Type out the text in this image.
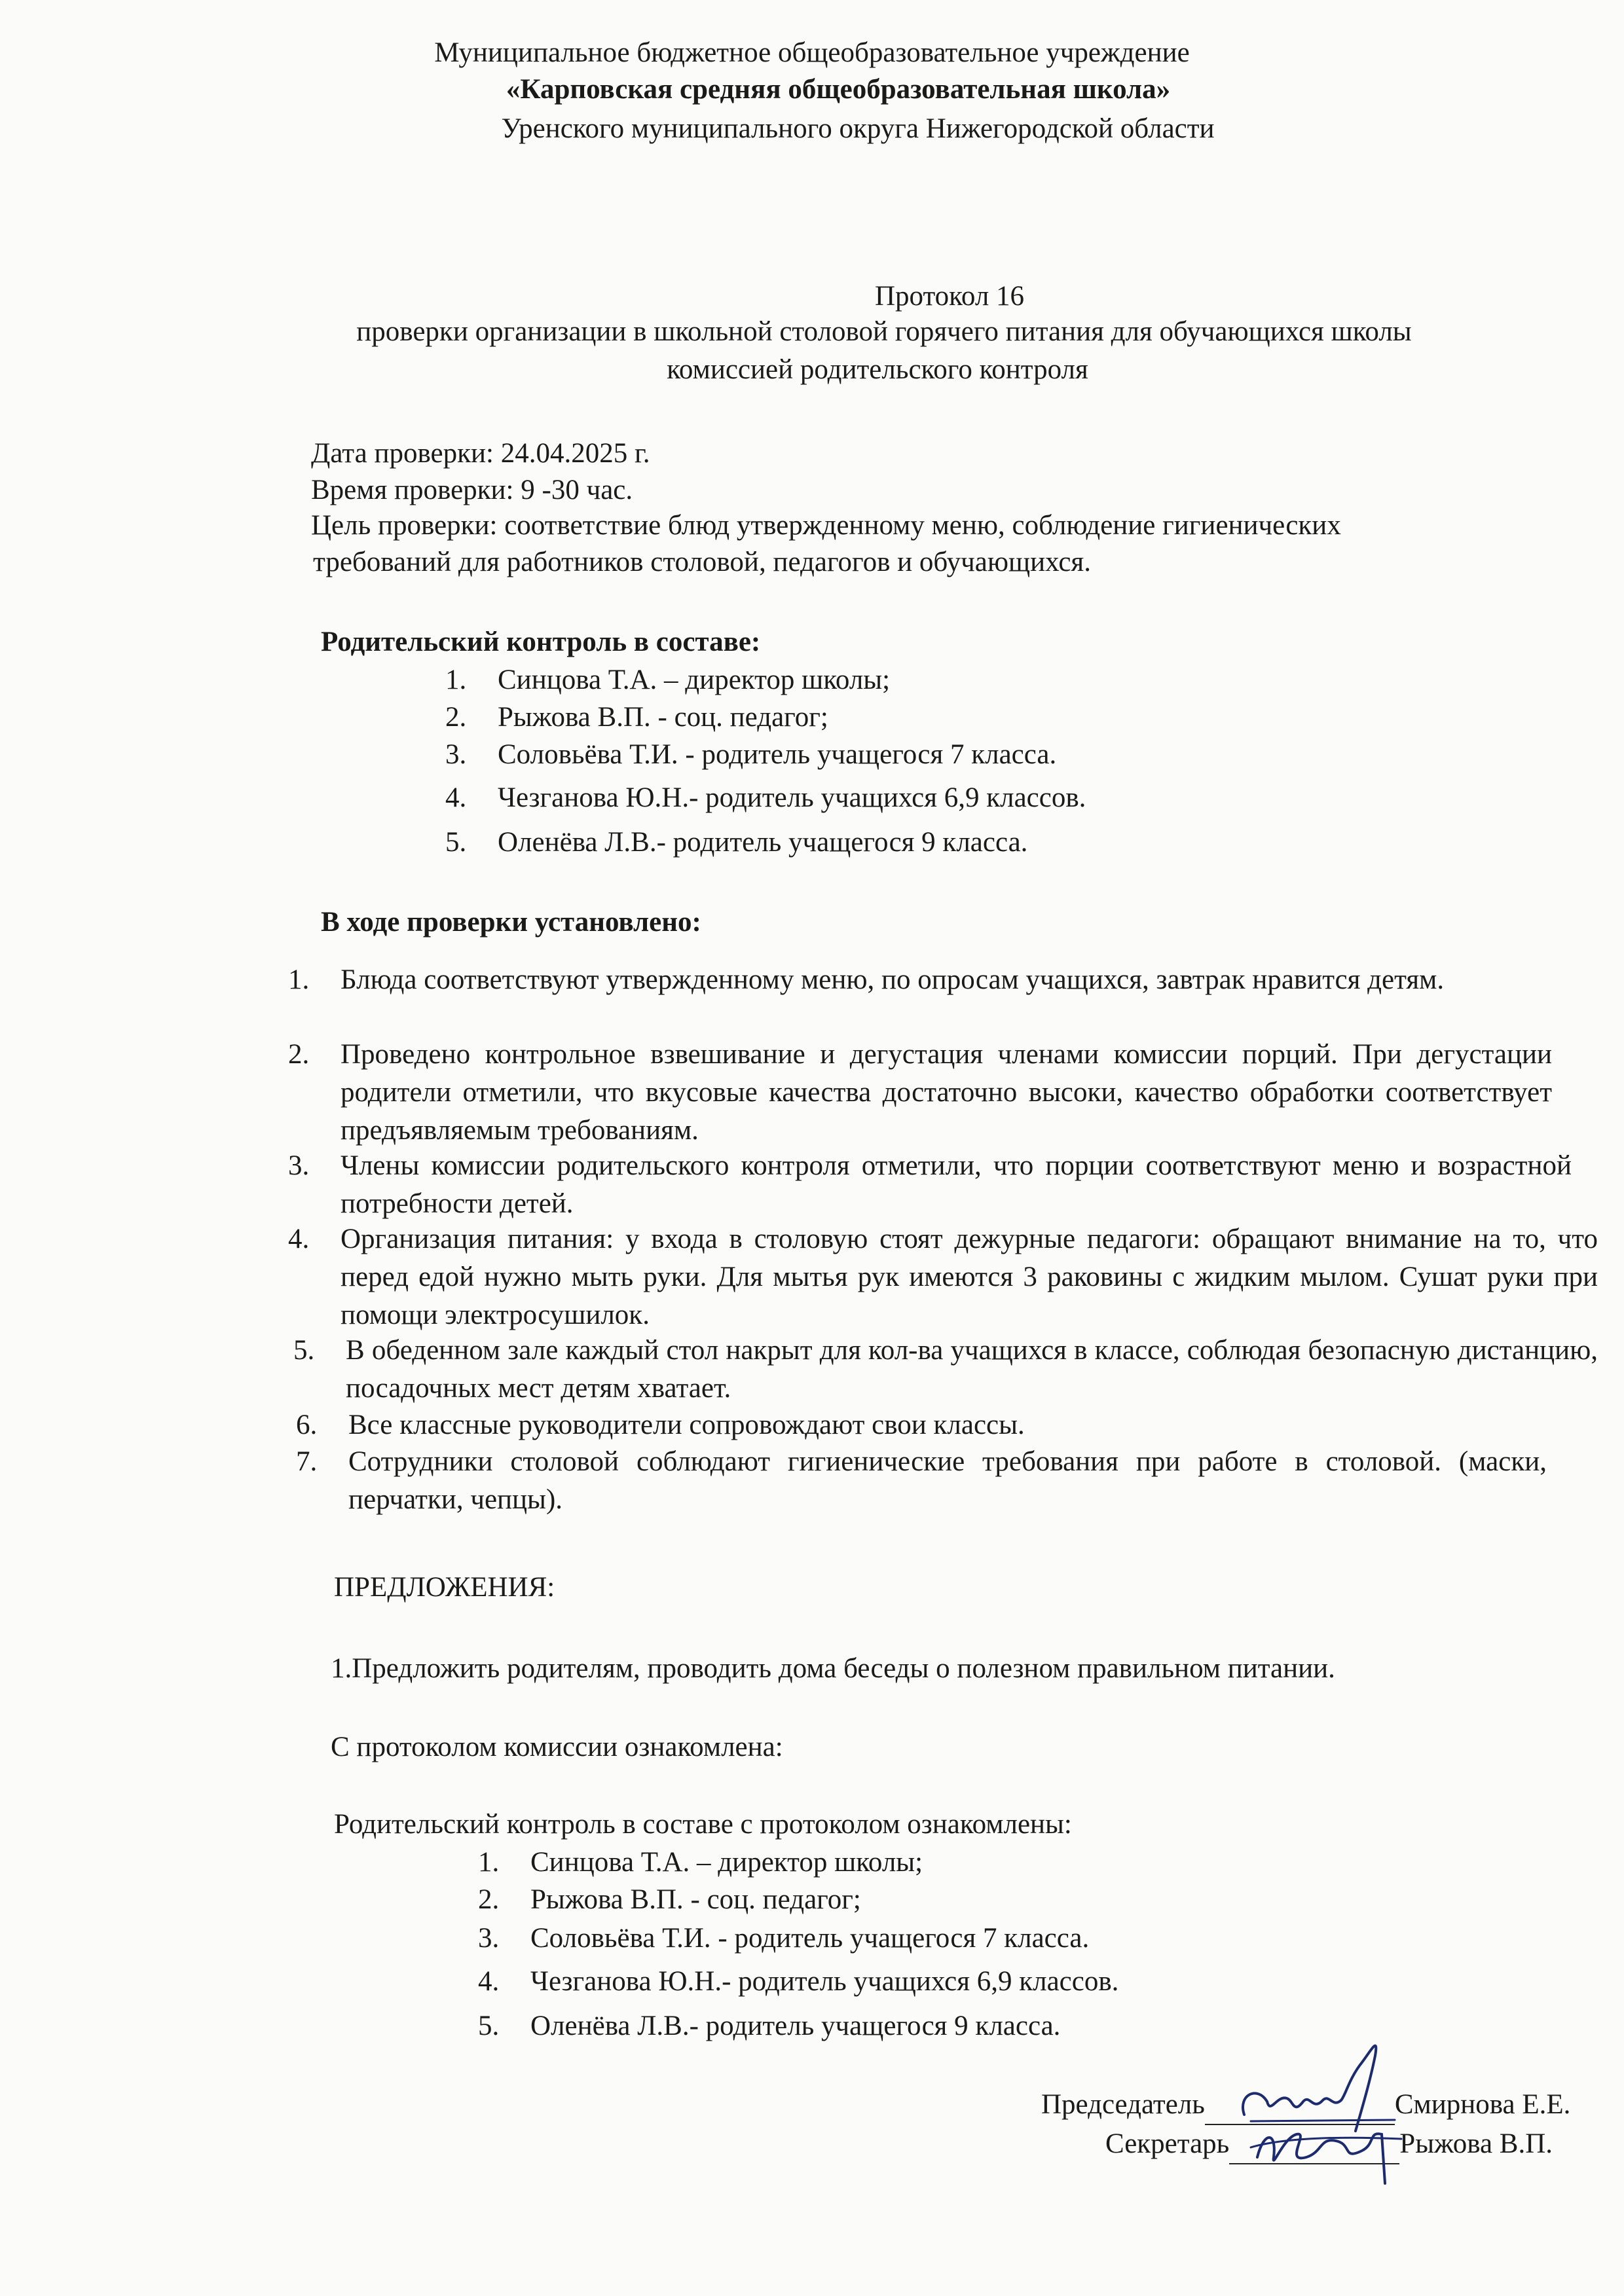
Муниципальное бюджетное общеобразовательное учреждение
«Карповская средняя общеобразовательная школа»
Уренского муниципального округа Нижегородской области
Протокол 16
проверки организации в школьной столовой горячего питания для обучающихся школы
комиссией родительского контроля
Дата проверки: 24.04.2025 г.
Время проверки: 9 -30 час.
Цель проверки: соответствие блюд утвержденному меню, соблюдение гигиенических
требований для работников столовой, педагогов и обучающихся.
Родительский контроль в составе:
1. Синцова Т.А. – директор школы;
2. Рыжова В.П. - соц. педагог;
3. Соловьёва Т.И. - родитель учащегося 7 класса.
4. Чезганова Ю.Н.- родитель учащихся 6,9 классов.
5. Оленёва Л.В.- родитель учащегося 9 класса.
В ходе проверки установлено:
1.	Блюда соответствуют утвержденному меню, по опросам учащихся, завтрак нравится детям.
2.	Проведено контрольное взвешивание и дегустация членами комиссии порций. При дегустации родители отметили, что вкусовые качества достаточно высоки, качество обработки соответствует предъявляемым требованиям.
3.	Члены комиссии родительского контроля отметили, что порции соответствуют меню и возрастной потребности детей.
4.	Организация питания: у входа в столовую стоят дежурные педагоги: обращают внимание на то, что перед едой нужно мыть руки. Для мытья рук имеются 3 раковины с жидким мылом. Сушат руки при помощи электросушилок.
5.	В обеденном зале каждый стол накрыт для кол-ва учащихся в классе, соблюдая безопасную дистанцию, посадочных мест детям хватает.
6.	Все классные руководители сопровождают свои классы.
7.	Сотрудники столовой соблюдают гигиенические требования при работе в столовой. (маски, перчатки, чепцы).
ПРЕДЛОЖЕНИЯ:
1.Предложить родителям, проводить дома беседы о полезном правильном питании.
С протоколом комиссии ознакомлена:
Родительский контроль в составе с протоколом ознакомлены:
1. Синцова Т.А. – директор школы;
2. Рыжова В.П. - соц. педагог;
3. Соловьёва Т.И. - родитель учащегося 7 класса.
4. Чезганова Ю.Н.- родитель учащихся 6,9 классов.
5. Оленёва Л.В.- родитель учащегося 9 класса.
Председатель	Смирнова Е.Е.
Секретарь	Рыжова В.П.
